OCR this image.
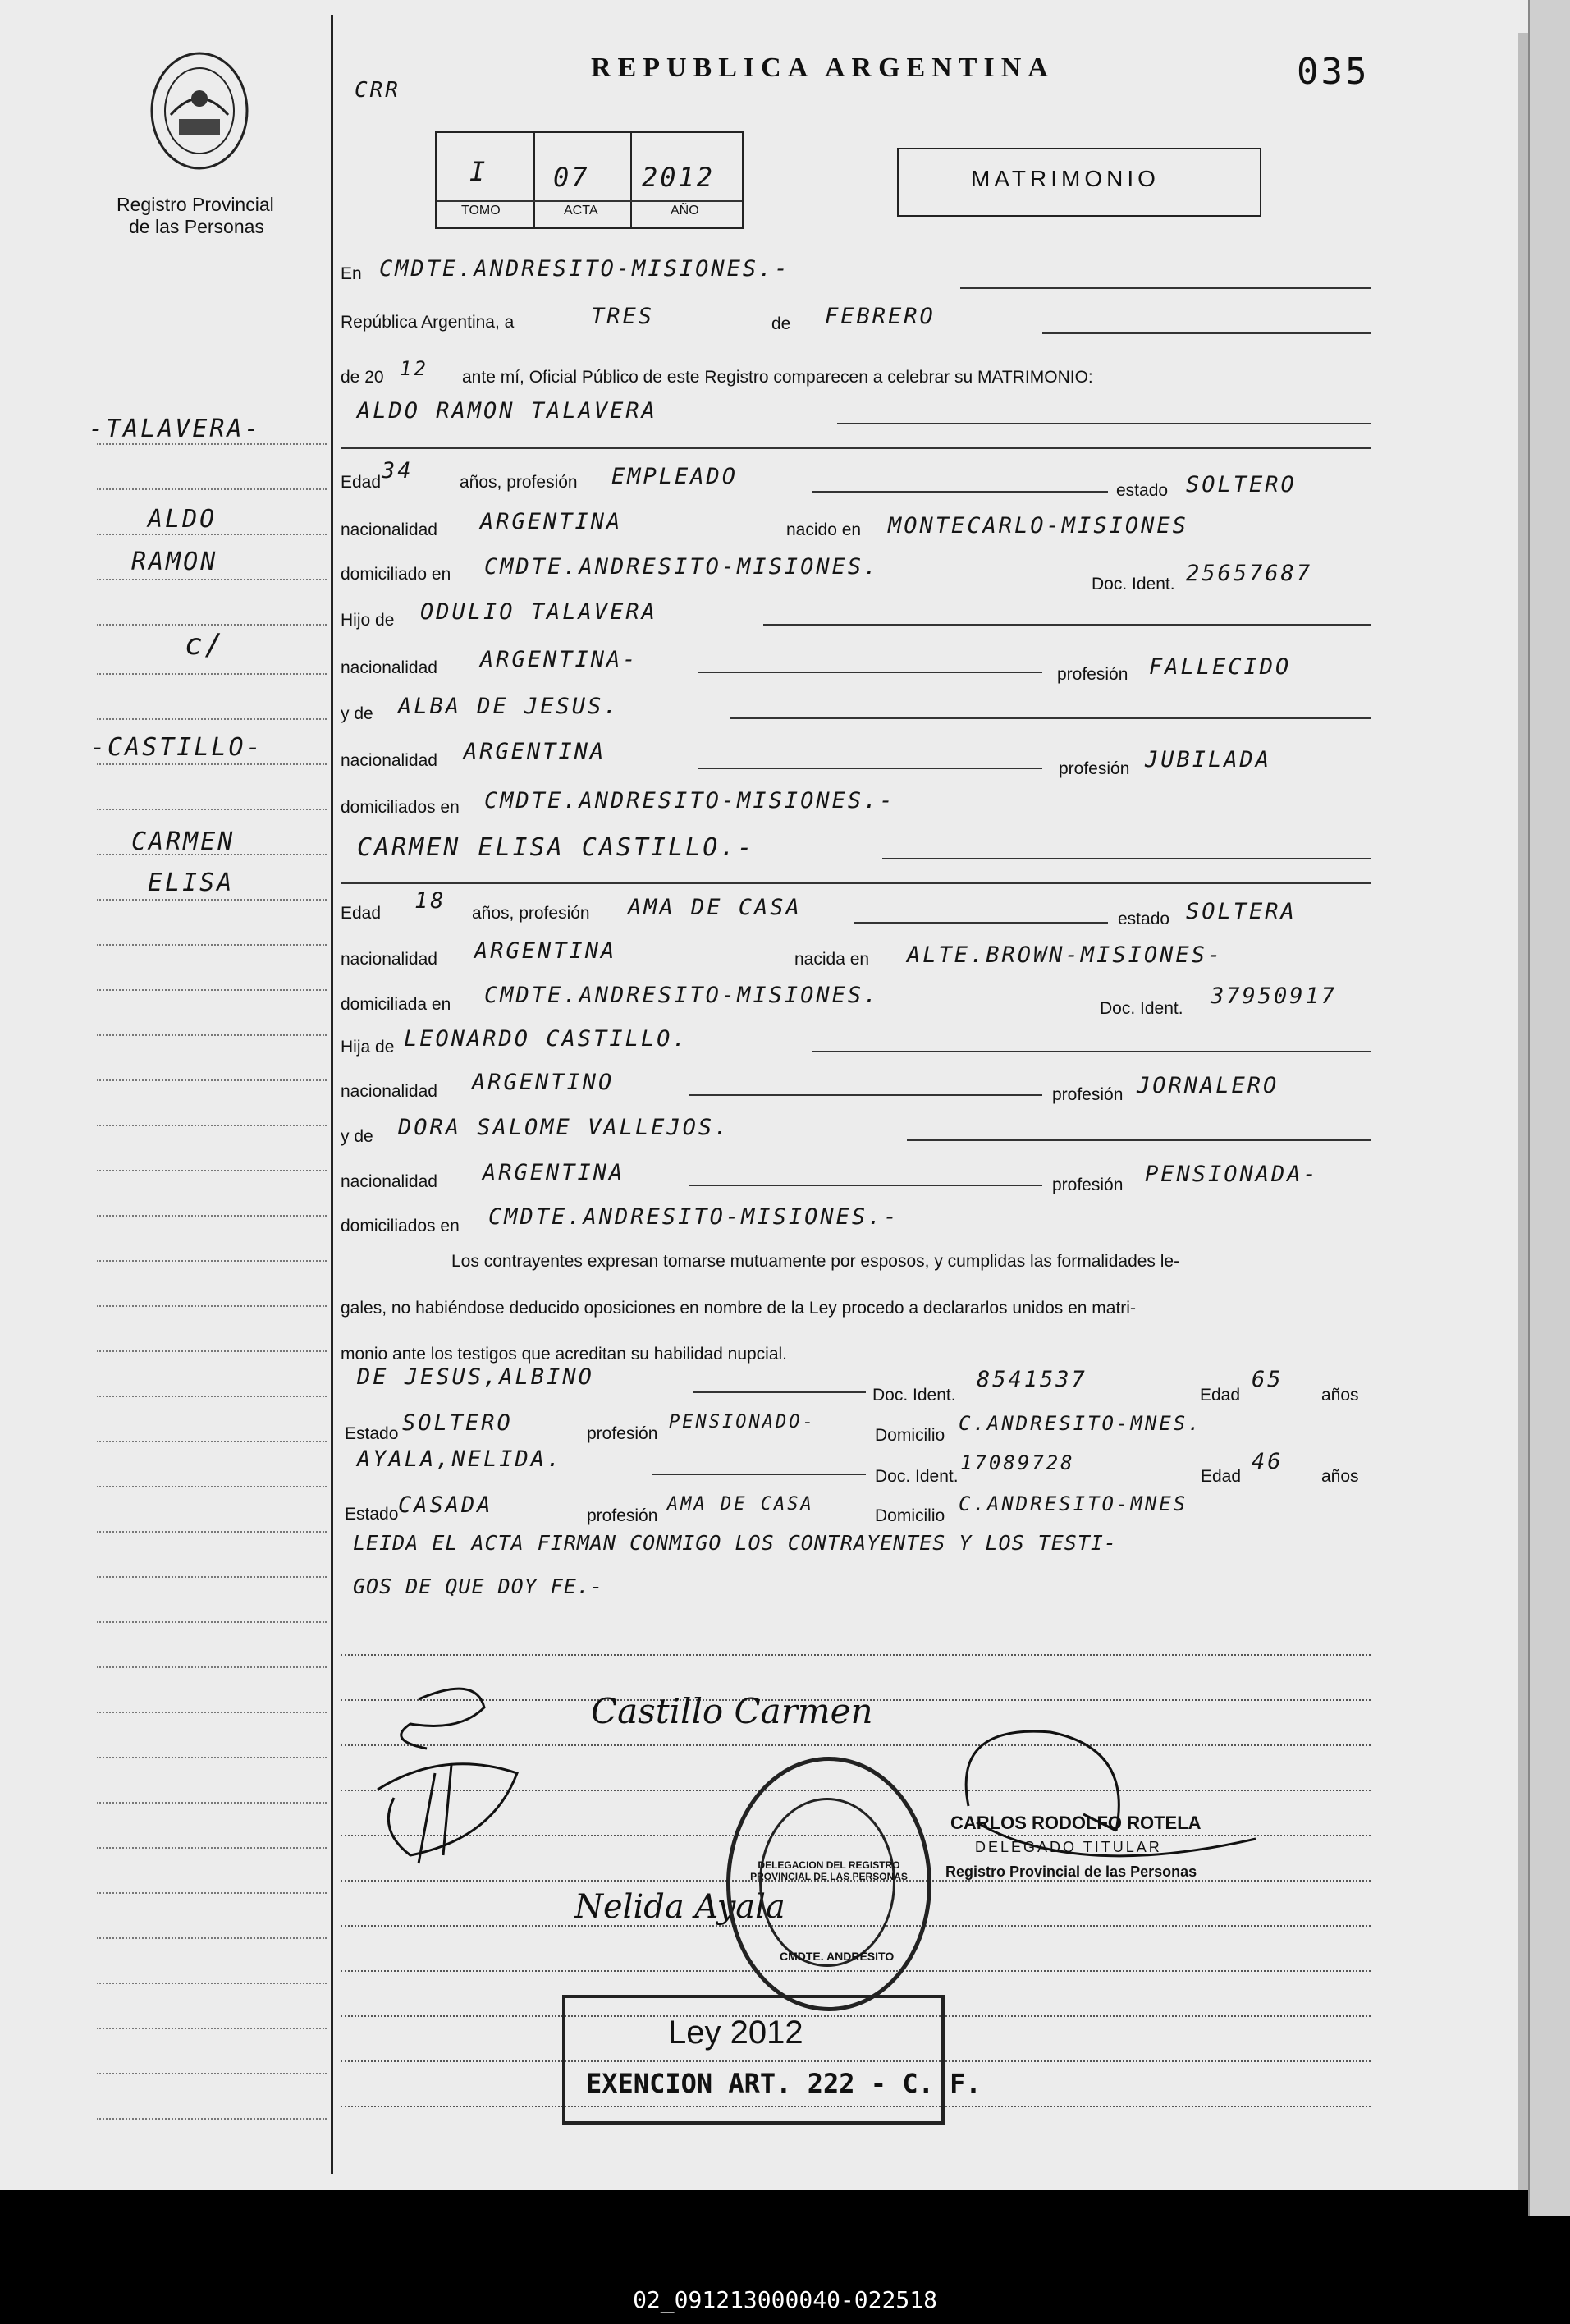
Registro Provincial
de las Personas
REPUBLICA ARGENTINA
CRR	035
I 07 2012
TOMO	ACTA	AÑO
MATRIMONIO
-TALAVERA-
ALDO
RAMON
c/
-CASTILLO-
CARMEN
ELISA
En CMDTE.ANDRESITO-MISIONES.-
República Argentina, a	TRES	de FEBRERO
de 20 12 ante mí, Oficial Público de este Registro comparecen a celebrar su MATRIMONIO:
ALDO RAMON TALAVERA
Edad 34	años, profesión EMPLEADO
estado SOLTERO
nacionalidad ARGENTINA	nacido en MONTECARLO-MISIONES
domiciliado en CMDTE.ANDRESITO-MISIONES.
Doc. Ident. 25657687
Hijo de ODULIO TALAVERA
nacionalidad ARGENTINA-
profesión FALLECIDO
y de ALBA DE JESUS.
nacionalidad ARGENTINA
profesión JUBILADA
domiciliados en CMDTE.ANDRESITO-MISIONES.-
CARMEN ELISA CASTILLO.-
Edad 18 años, profesión AMA DE CASA	estado SOLTERA
nacionalidad ARGENTINA	nacida en ALTE.BROWN-MISIONES-
domiciliada en CMDTE.ANDRESITO-MISIONES.
Doc. Ident. 37950917
Hija de LEONARDO CASTILLO.
nacionalidad ARGENTINO	profesión JORNALERO
y de DORA SALOME VALLEJOS.
nacionalidad ARGENTINA	profesión PENSIONADA-
domiciliados en CMDTE.ANDRESITO-MISIONES.-
Los contrayentes expresan tomarse mutuamente por esposos, y cumplidas las formalidades le-
gales, no habiéndose deducido oposiciones en nombre de la Ley procedo a declararlos unidos en matri-
monio ante los testigos que acreditan su habilidad nupcial.
DE JESUS,ALBINO
Doc. Ident.
8541537
Edad
65
años
Estado SOLTERO	profesión
PENSIONADO-
Domicilio
C.ANDRESITO-MNES.
AYALA,NELIDA.
Doc. Ident.
17089728
Edad
46
años
Estado CASADA	profesión
AMA DE CASA
Domicilio
C.ANDRESITO-MNES
LEIDA EL ACTA FIRMAN CONMIGO LOS CONTRAYENTES Y LOS TESTI-
GOS DE QUE DOY FE.-
Castillo Carmen
Nelida Ayala
DELEGACION DEL REGISTRO PROVINCIAL DE LAS PERSONAS
CMDTE. ANDRESITO
CARLOS RODOLFO ROTELA
DELEGADO TITULAR
Registro Provincial de las Personas
Ley 2012
EXENCION ART. 222 - C. F.
02_091213000040-022518
